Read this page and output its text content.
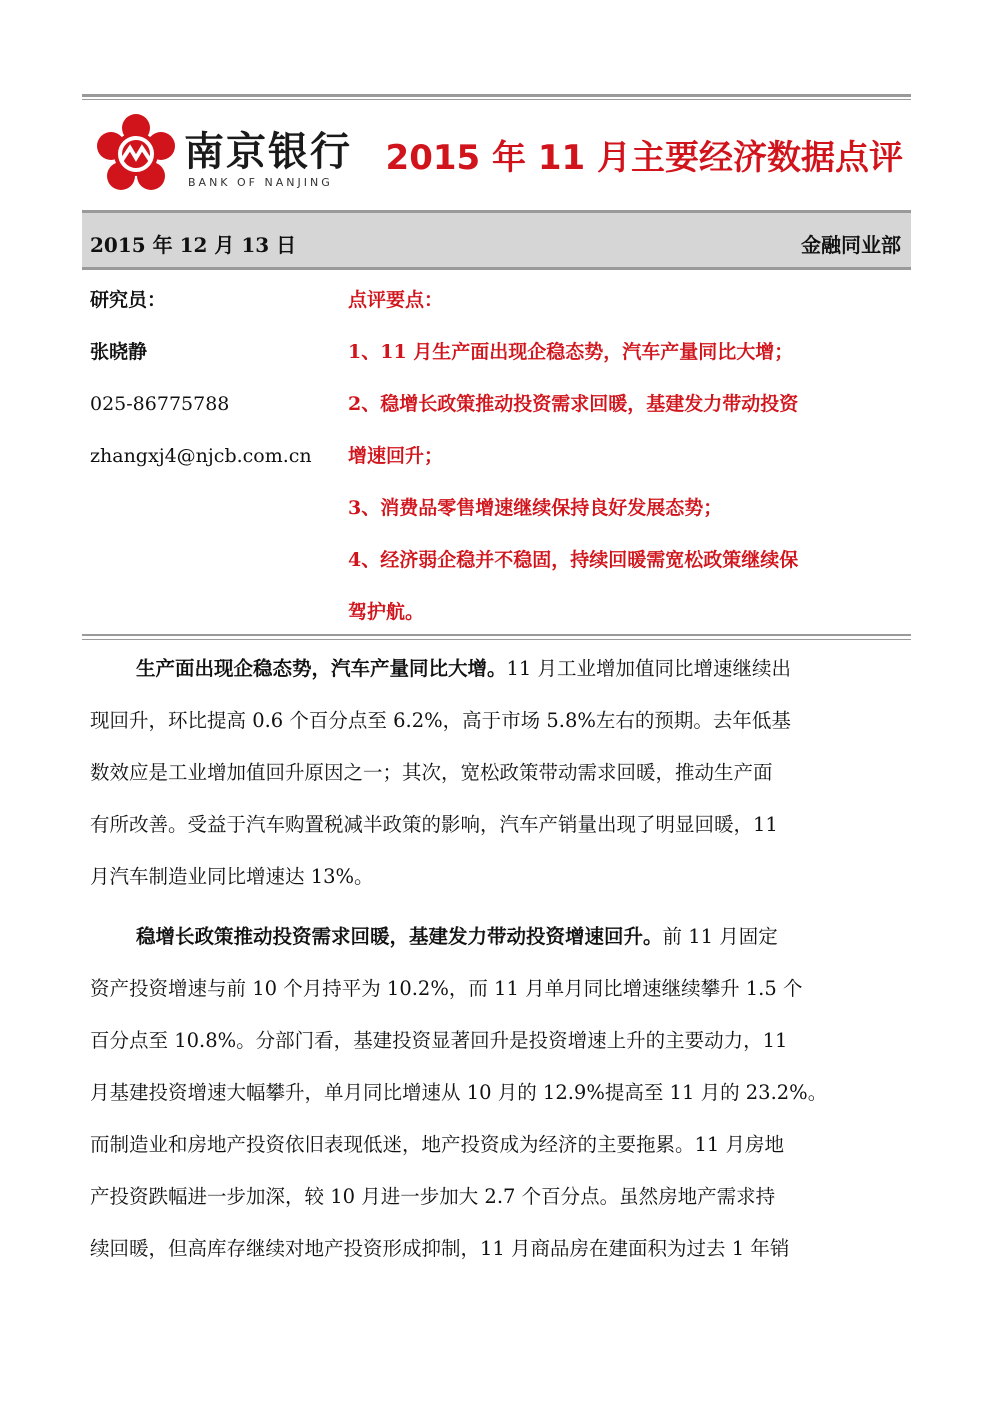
南京银行
BANK OF NANJING
2015 年 11 月主要经济数据点评
2015 年 12 月 13 日	金融同业部
研究员：
张晓静
025-86775788
zhangxj4@njcb.com.cn
点评要点：
1、11 月生产面出现企稳态势，汽车产量同比大增；
2、稳增长政策推动投资需求回暖，基建发力带动投资
增速回升；
3、消费品零售增速继续保持良好发展态势；
4、经济弱企稳并不稳固，持续回暖需宽松政策继续保
驾护航。
生产面出现企稳态势，汽车产量同比大增。11 月工业增加值同比增速继续出
现回升，环比提高 0.6 个百分点至 6.2%，高于市场 5.8%左右的预期。去年低基
数效应是工业增加值回升原因之一；其次，宽松政策带动需求回暖，推动生产面
有所改善。受益于汽车购置税减半政策的影响，汽车产销量出现了明显回暖，11
月汽车制造业同比增速达 13%。
稳增长政策推动投资需求回暖，基建发力带动投资增速回升。前 11 月固定
资产投资增速与前 10 个月持平为 10.2%，而 11 月单月同比增速继续攀升 1.5 个
百分点至 10.8%。分部门看，基建投资显著回升是投资增速上升的主要动力，11
月基建投资增速大幅攀升，单月同比增速从 10 月的 12.9%提高至 11 月的 23.2%。
而制造业和房地产投资依旧表现低迷，地产投资成为经济的主要拖累。11 月房地
产投资跌幅进一步加深，较 10 月进一步加大 2.7 个百分点。虽然房地产需求持
续回暖，但高库存继续对地产投资形成抑制，11 月商品房在建面积为过去 1 年销
